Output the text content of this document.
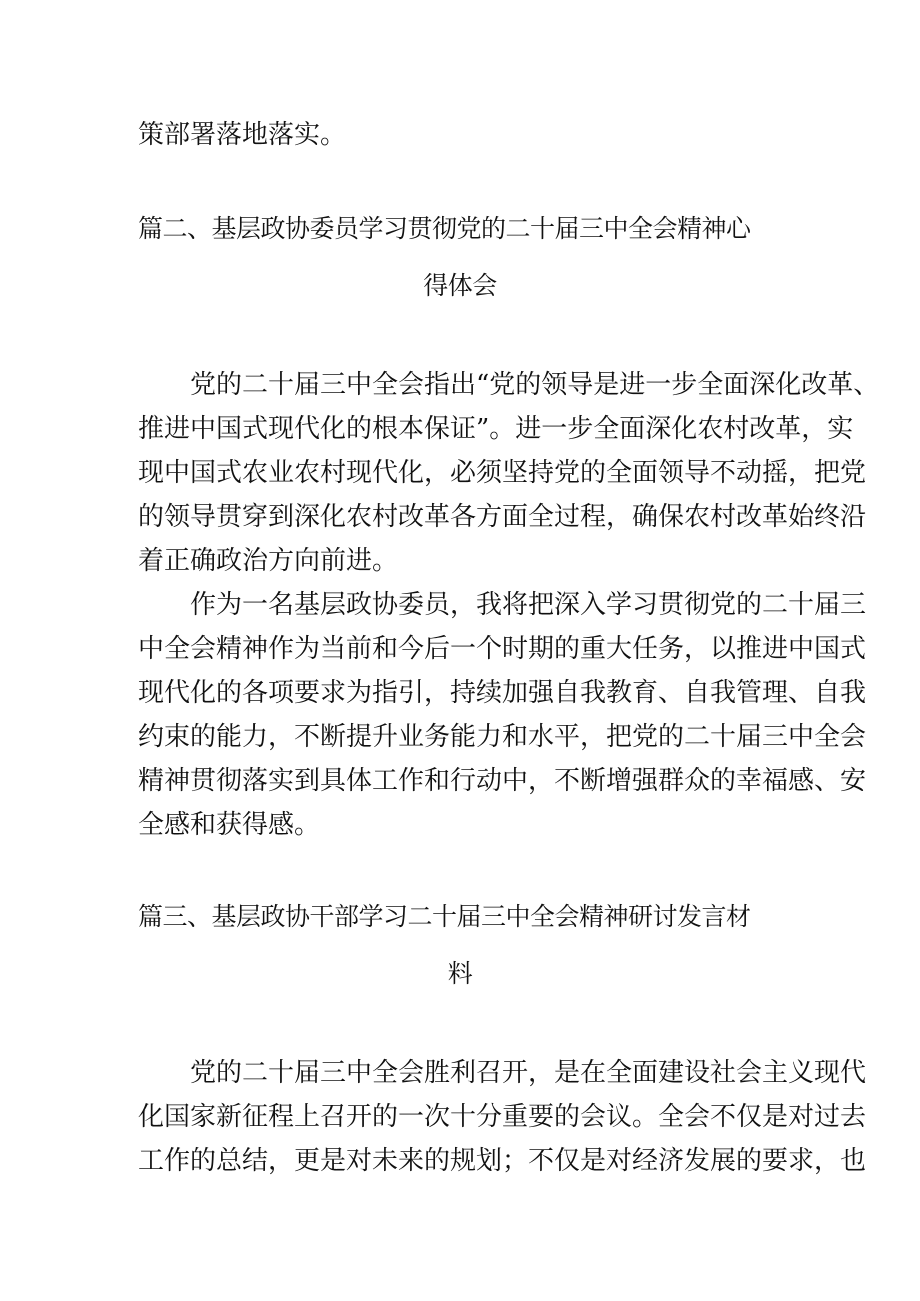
策部署落地落实。
篇二、基层政协委员学习贯彻党的二十届三中全会精神心
得体会
党的二十届三中全会指出“党的领导是进一步全面深化改革、
推进中国式现代化的根本保证”。进一步全面深化农村改革，实
现中国式农业农村现代化，必须坚持党的全面领导不动摇，把党
的领导贯穿到深化农村改革各方面全过程，确保农村改革始终沿
着正确政治方向前进。
作为一名基层政协委员，我将把深入学习贯彻党的二十届三
中全会精神作为当前和今后一个时期的重大任务，以推进中国式
现代化的各项要求为指引，持续加强自我教育、自我管理、自我
约束的能力，不断提升业务能力和水平，把党的二十届三中全会
精神贯彻落实到具体工作和行动中，不断增强群众的幸福感、安
全感和获得感。
篇三、基层政协干部学习二十届三中全会精神研讨发言材
料
党的二十届三中全会胜利召开，是在全面建设社会主义现代
化国家新征程上召开的一次十分重要的会议。全会不仅是对过去
工作的总结，更是对未来的规划；不仅是对经济发展的要求，也
